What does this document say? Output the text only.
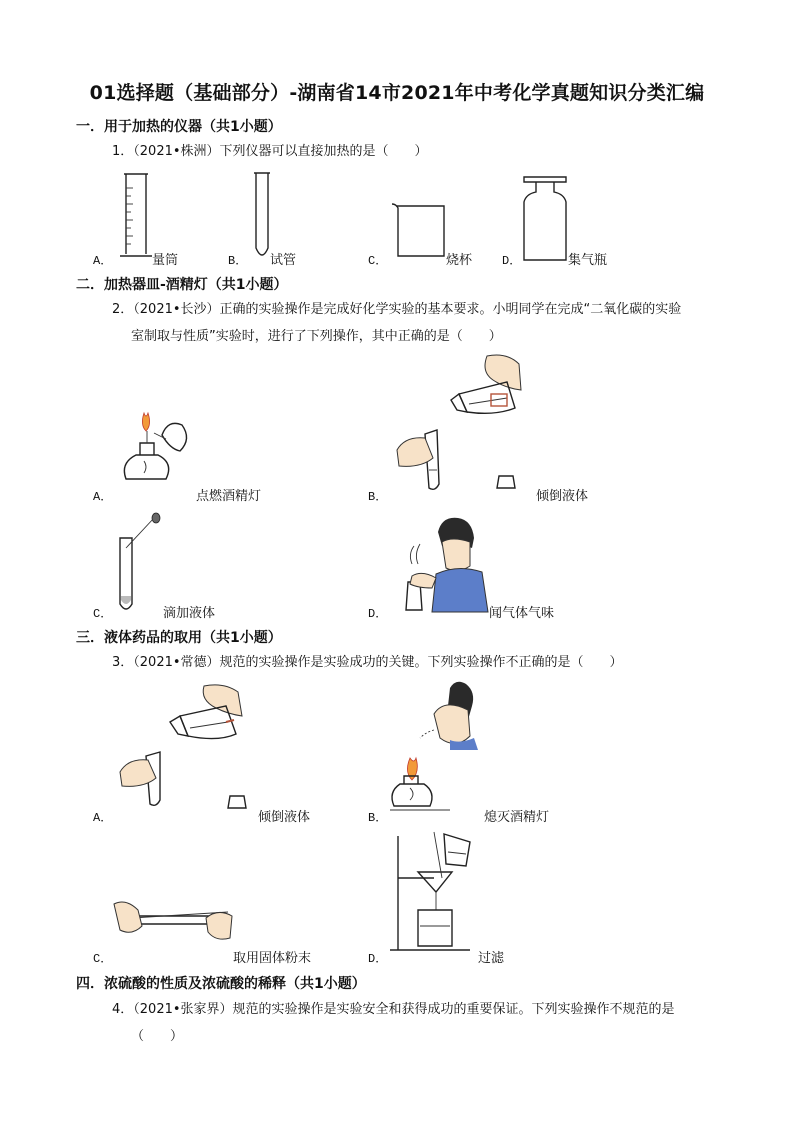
01选择题（基础部分）-湖南省14市2021年中考化学真题知识分类汇编
一．用于加热的仪器（共1小题）
1．（2021•株洲）下列仪器可以直接加热的是（　　）
A．	量筒	B． 试管	C．	烧杯 D．	集气瓶
二．加热器皿-酒精灯（共1小题）
2．（2021•长沙）正确的实验操作是完成好化学实验的基本要求。小明同学在完成“二氧化碳的实验
室制取与性质”实验时，进行了下列操作，其中正确的是（　　）
A．	点燃酒精灯	B．	倾倒液体
C．	滴加液体	D．	闻气体气味
三．液体药品的取用（共1小题）
3．（2021•常德）规范的实验操作是实验成功的关键。下列实验操作不正确的是（　　）
A．	倾倒液体	B．	熄灭酒精灯
C．	取用固体粉末	D．	过滤
四．浓硫酸的性质及浓硫酸的稀释（共1小题）
4．（2021•张家界）规范的实验操作是实验安全和获得成功的重要保证。下列实验操作不规范的是
（　　）
